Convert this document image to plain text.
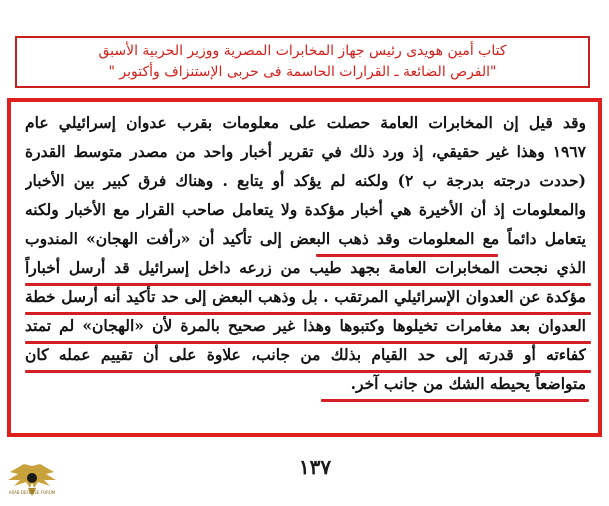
كتاب أمين هويدى رئيس جهاز المخابرات المصرية ووزير الحربية الأسبق
"الفرص الضائعة ـ القرارات الحاسمة فى حربى الإستنزاف وأكتوبر "
وقد قيل إن المخابرات العامة حصلت على معلومات بقرب عدوان إسرائيلي عام
١٩٦٧ وهذا غير حقيقي، إذ ورد ذلك في تقرير أخبار واحد من مصدر متوسط القدرة
(حددت درجته بدرجة ب ٢) ولكنه لم يؤكد أو يتابع . وهناك فرق كبير بين الأخبار
والمعلومات إذ أن الأخيرة هي أخبار مؤكدة ولا يتعامل صاحب القرار مع الأخبار ولكنه
يتعامل دائماً مع المعلومات وقد ذهب البعض إلى تأكيد أن «رأفت الهجان» المندوب
الذي نجحت المخابرات العامة بجهد طيب من زرعه داخل إسرائيل قد أرسل أخباراً
مؤكدة عن العدوان الإسرائيلي المرتقب . بل وذهب البعض إلى حد تأكيد أنه أرسل خطة
العدوان بعد مغامرات تخيلوها وكتبوها وهذا غير صحيح بالمرة لأن «الهجان» لم تمتد
كفاءته أو قدرته إلى حد القيام بذلك من جانب، علاوة على أن تقييم عمله كان
متواضعاً يحيطه الشك من جانب آخر.
١٣٧
ARAB DEFENSE FORUM
